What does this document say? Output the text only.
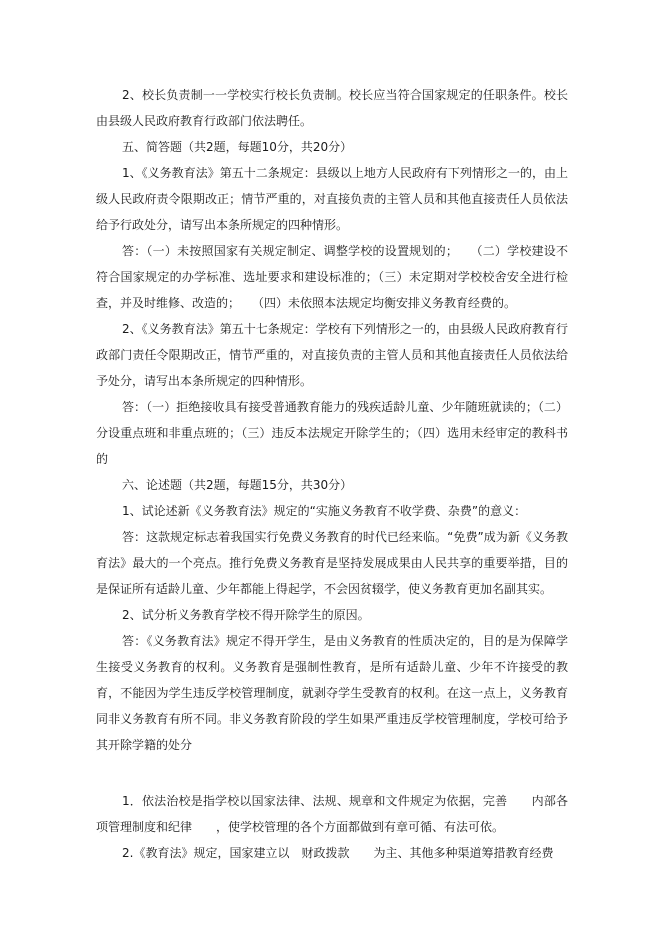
2、校长负责制一一学校实行校长负责制。校长应当符合国家规定的任职条件。校长由县级人民政府教育行政部门依法聘任。

五、简答题（共2题，每题10分，共20分）

1、《义务教育法》第五十二条规定：县级以上地方人民政府有下列情形之一的，由上级人民政府责令限期改正；情节严重的，对直接负责的主管人员和其他直接责任人员依法给予行政处分，请写出本条所规定的四种情形。

答：（一）未按照国家有关规定制定、调整学校的设置规划的；　　（二）学校建设不符合国家规定的办学标准、选址要求和建设标准的；（三）未定期对学校校舍安全进行检查，并及时维修、改造的；　　（四）未依照本法规定均衡安排义务教育经费的。

2、《义务教育法》第五十七条规定：学校有下列情形之一的，由县级人民政府教育行政部门责任令限期改正，情节严重的，对直接负责的主管人员和其他直接责任人员依法给予处分，请写出本条所规定的四种情形。

答：（一）拒绝接收具有接受普通教育能力的残疾适龄儿童、少年随班就读的；（二）分设重点班和非重点班的；（三）违反本法规定开除学生的；（四）选用未经审定的教科书的

六、论述题（共2题，每题15分，共30分）

1、试论述新《义务教育法》规定的“实施义务教育不收学费、杂费”的意义：

答：这款规定标志着我国实行免费义务教育的时代已经来临。“免费”成为新《义务教育法》最大的一个亮点。推行免费义务教育是坚持发展成果由人民共享的重要举措，目的是保证所有适龄儿童、少年都能上得起学，不会因贫辍学，使义务教育更加名副其实。

2、试分析义务教育学校不得开除学生的原因。

答：《义务教育法》规定不得开学生，是由义务教育的性质决定的，目的是为保障学生接受义务教育的权利。义务教育是强制性教育，是所有适龄儿童、少年不许接受的教育，不能因为学生违反学校管理制度，就剥夺学生受教育的权利。在这一点上，义务教育同非义务教育有所不同。非义务教育阶段的学生如果严重违反学校管理制度，学校可给予其开除学籍的处分

1．依法治校是指学校以国家法律、法规、规章和文件规定为依据，完善　　内部各项管理制度和纪律　　，使学校管理的各个方面都做到有章可循、有法可依。

2.《教育法》规定，国家建立以　财政拨款　　为主、其他多种渠道筹措教育经费
